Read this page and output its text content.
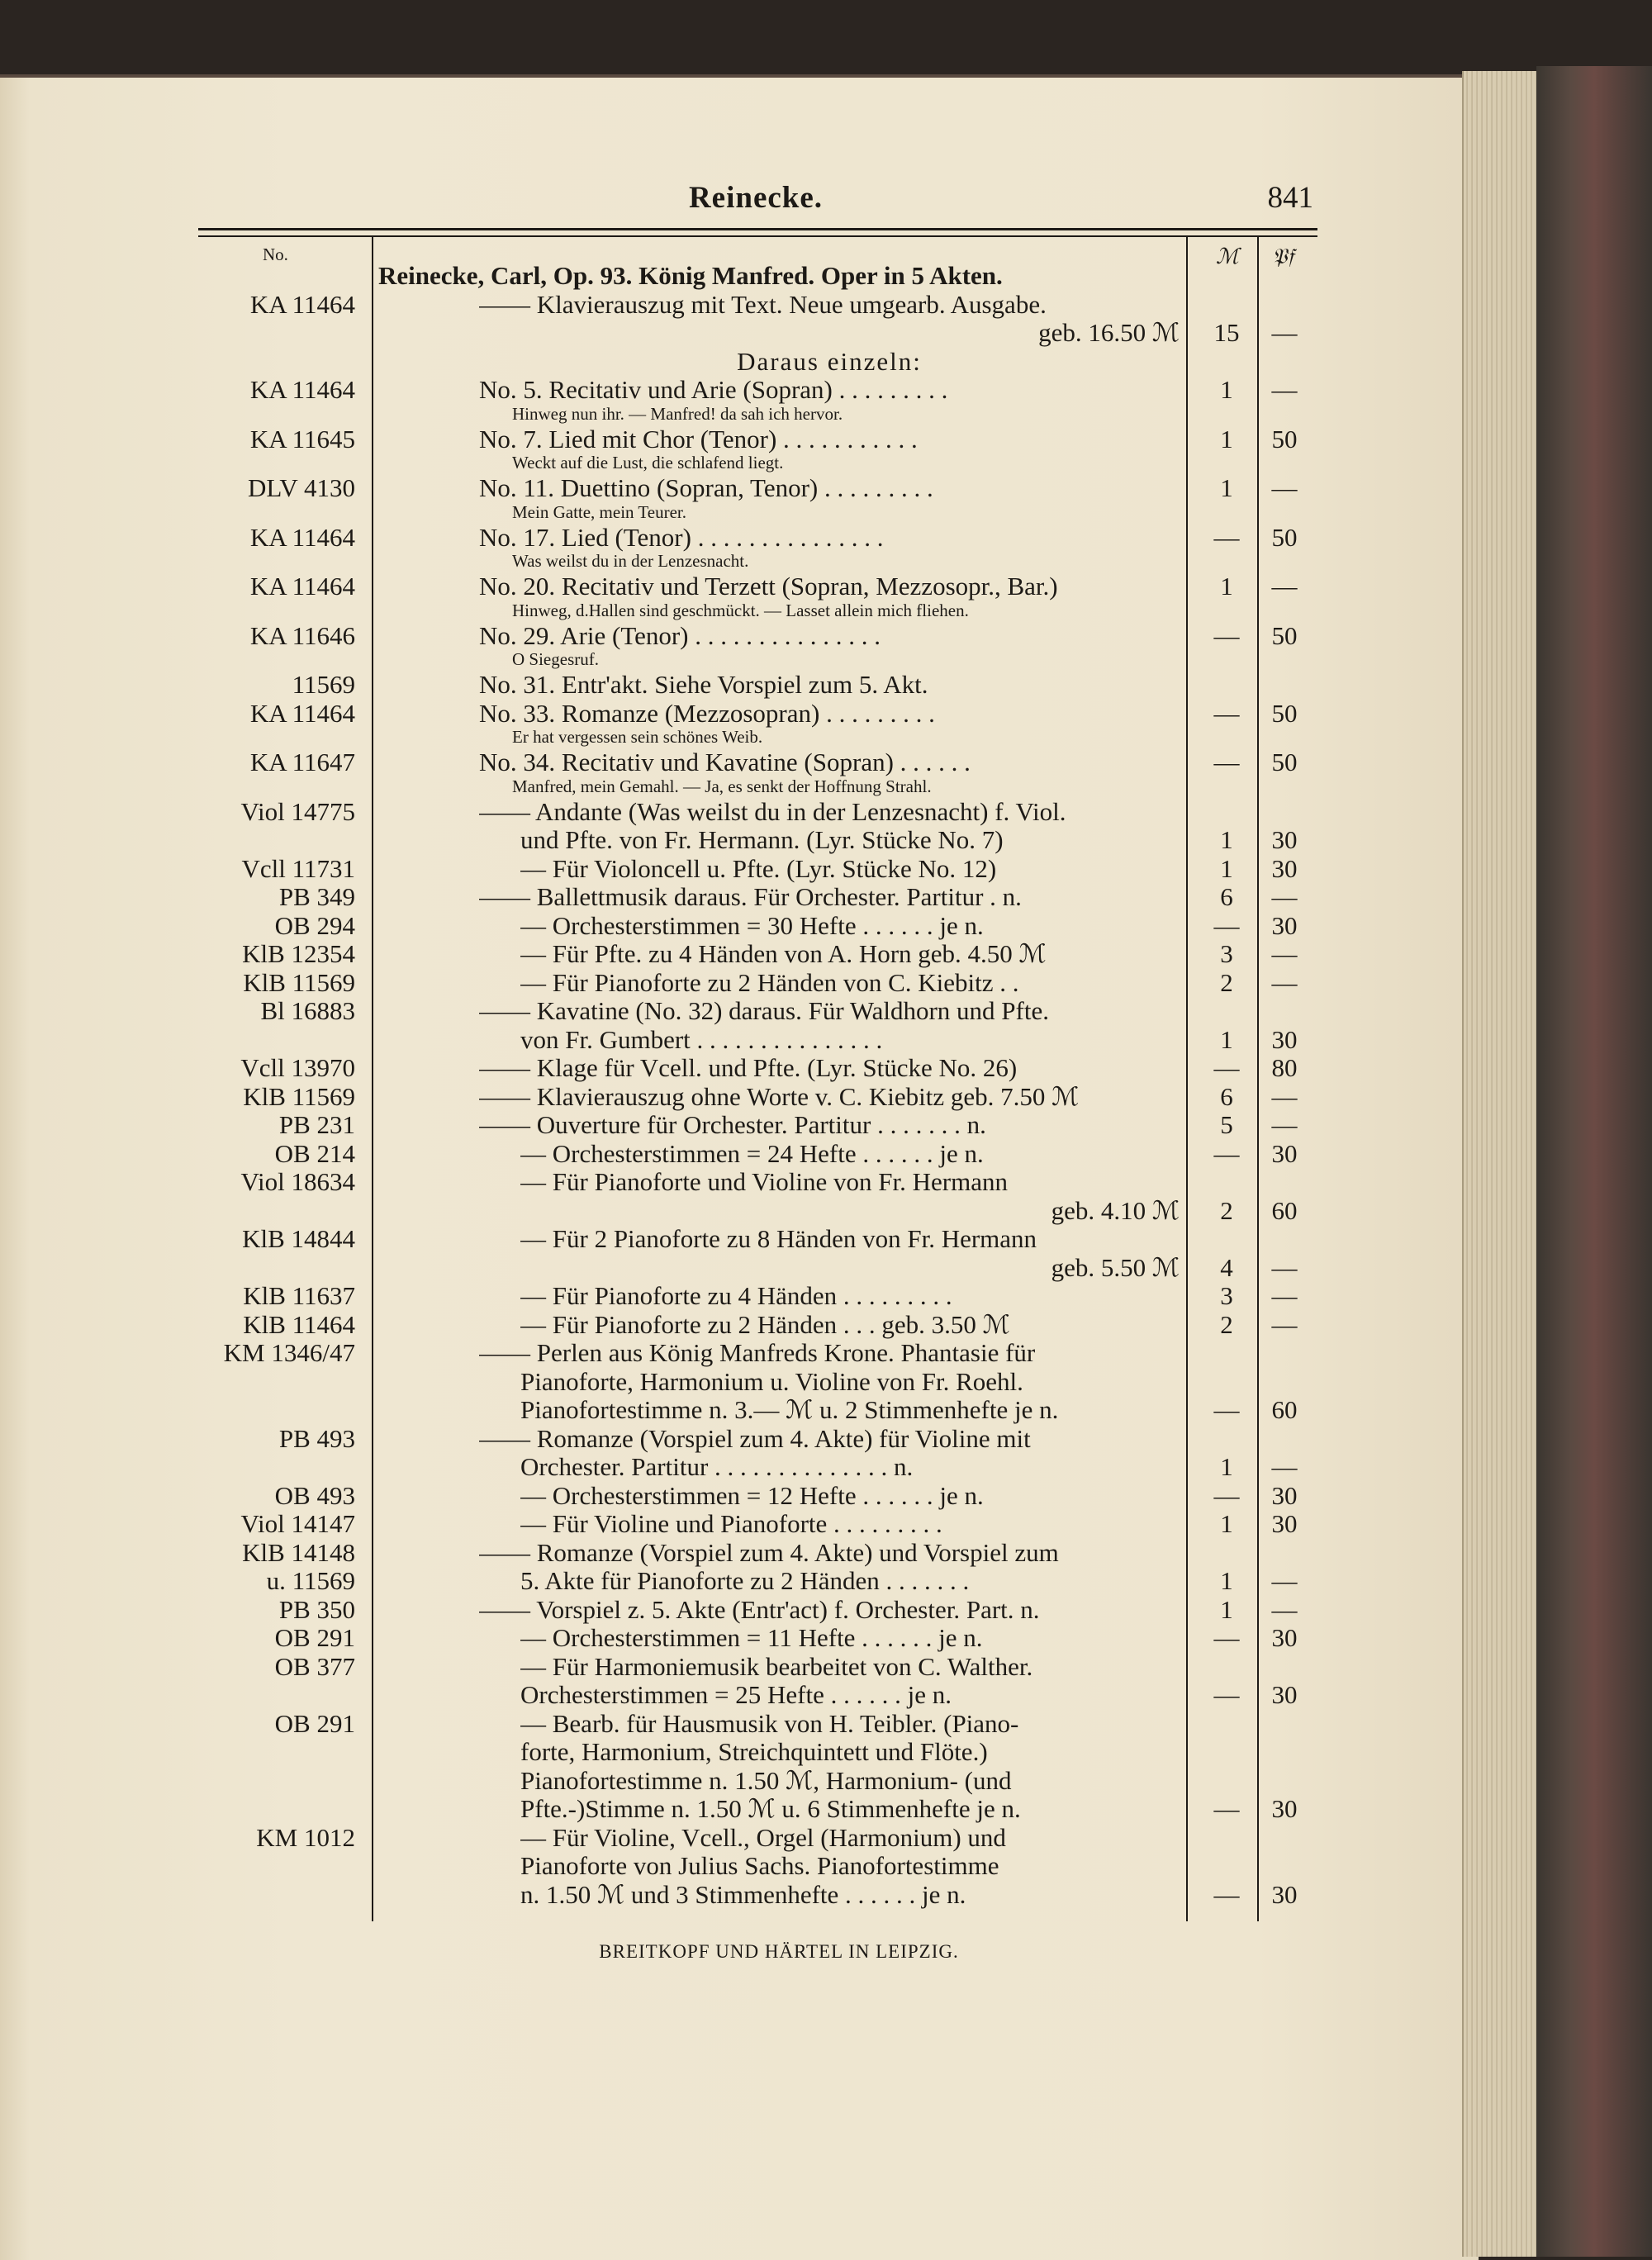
Reinecke.	841
No.	ℳ 𝔓𝔣
Reinecke, Carl, Op. 93. König Manfred. Oper in 5 Akten.
KA 11464	—— Klavierauszug mit Text. Neue umgearb. Ausgabe.
geb. 16.50 ℳ	15	—
Daraus einzeln:
KA 11464	No. 5. Recitativ und Arie (Sopran) . . . . . . . . .	1	—
Hinweg nun ihr. — Manfred! da sah ich hervor.
KA 11645	No. 7. Lied mit Chor (Tenor) . . . . . . . . . . .	1	50
Weckt auf die Lust, die schlafend liegt.
DLV 4130	No. 11. Duettino (Sopran, Tenor) . . . . . . . . .	1	—
Mein Gatte, mein Teurer.
KA 11464	No. 17. Lied (Tenor) . . . . . . . . . . . . . . .	—	50
Was weilst du in der Lenzesnacht.
KA 11464	No. 20. Recitativ und Terzett (Sopran, Mezzosopr., Bar.)	1	—
Hinweg, d.Hallen sind geschmückt. — Lasset allein mich fliehen.
KA 11646	No. 29. Arie (Tenor) . . . . . . . . . . . . . . .	—	50
O Siegesruf.
11569	No. 31. Entr'akt. Siehe Vorspiel zum 5. Akt.
KA 11464	No. 33. Romanze (Mezzosopran) . . . . . . . . .	—	50
Er hat vergessen sein schönes Weib.
KA 11647	No. 34. Recitativ und Kavatine (Sopran) . . . . . .	—	50
Manfred, mein Gemahl. — Ja, es senkt der Hoffnung Strahl.
Viol 14775	—— Andante (Was weilst du in der Lenzesnacht) f. Viol.
und Pfte. von Fr. Hermann. (Lyr. Stücke No. 7)	1	30
Vcll 11731	— Für Violoncell u. Pfte. (Lyr. Stücke No. 12)	1	30
PB 349	—— Ballettmusik daraus. Für Orchester. Partitur . n.	6	—
OB 294	— Orchesterstimmen = 30 Hefte . . . . . . je n.	—	30
KlB 12354	— Für Pfte. zu 4 Händen von A. Horn geb. 4.50 ℳ	3	—
KlB 11569	— Für Pianoforte zu 2 Händen von C. Kiebitz . .	2	—
Bl 16883	—— Kavatine (No. 32) daraus. Für Waldhorn und Pfte.
von Fr. Gumbert . . . . . . . . . . . . . . .	1	30
Vcll 13970	—— Klage für Vcell. und Pfte. (Lyr. Stücke No. 26)	—	80
KlB 11569	—— Klavierauszug ohne Worte v. C. Kiebitz geb. 7.50 ℳ	6	—
PB 231	—— Ouverture für Orchester. Partitur . . . . . . . n.	5	—
OB 214	— Orchesterstimmen = 24 Hefte . . . . . . je n.	—	30
Viol 18634	— Für Pianoforte und Violine von Fr. Hermann
geb. 4.10 ℳ	2	60
KlB 14844	— Für 2 Pianoforte zu 8 Händen von Fr. Hermann
geb. 5.50 ℳ	4	—
KlB 11637	— Für Pianoforte zu 4 Händen . . . . . . . . .	3	—
KlB 11464	— Für Pianoforte zu 2 Händen . . . geb. 3.50 ℳ	2	—
KM 1346/47	—— Perlen aus König Manfreds Krone. Phantasie für
Pianoforte, Harmonium u. Violine von Fr. Roehl.
Pianofortestimme n. 3.— ℳ u. 2 Stimmenhefte je n.	—	60
PB 493	—— Romanze (Vorspiel zum 4. Akte) für Violine mit
Orchester. Partitur . . . . . . . . . . . . . . n.	1	—
OB 493	— Orchesterstimmen = 12 Hefte . . . . . . je n.	—	30
Viol 14147	— Für Violine und Pianoforte . . . . . . . . .	1	30
KlB 14148	—— Romanze (Vorspiel zum 4. Akte) und Vorspiel zum
u. 11569	5. Akte für Pianoforte zu 2 Händen . . . . . . .	1	—
PB 350	—— Vorspiel z. 5. Akte (Entr'act) f. Orchester. Part. n.	1	—
OB 291	— Orchesterstimmen = 11 Hefte . . . . . . je n.	—	30
OB 377	— Für Harmoniemusik bearbeitet von C. Walther.
Orchesterstimmen = 25 Hefte . . . . . . je n.	—	30
OB 291	— Bearb. für Hausmusik von H. Teibler. (Piano-
forte, Harmonium, Streichquintett und Flöte.)
Pianofortestimme n. 1.50 ℳ, Harmonium- (und
Pfte.-)Stimme n. 1.50 ℳ u. 6 Stimmenhefte je n.	—	30
KM 1012	— Für Violine, Vcell., Orgel (Harmonium) und
Pianoforte von Julius Sachs. Pianofortestimme
n. 1.50 ℳ und 3 Stimmenhefte . . . . . . je n.	—	30
BREITKOPF UND HÄRTEL IN LEIPZIG.
